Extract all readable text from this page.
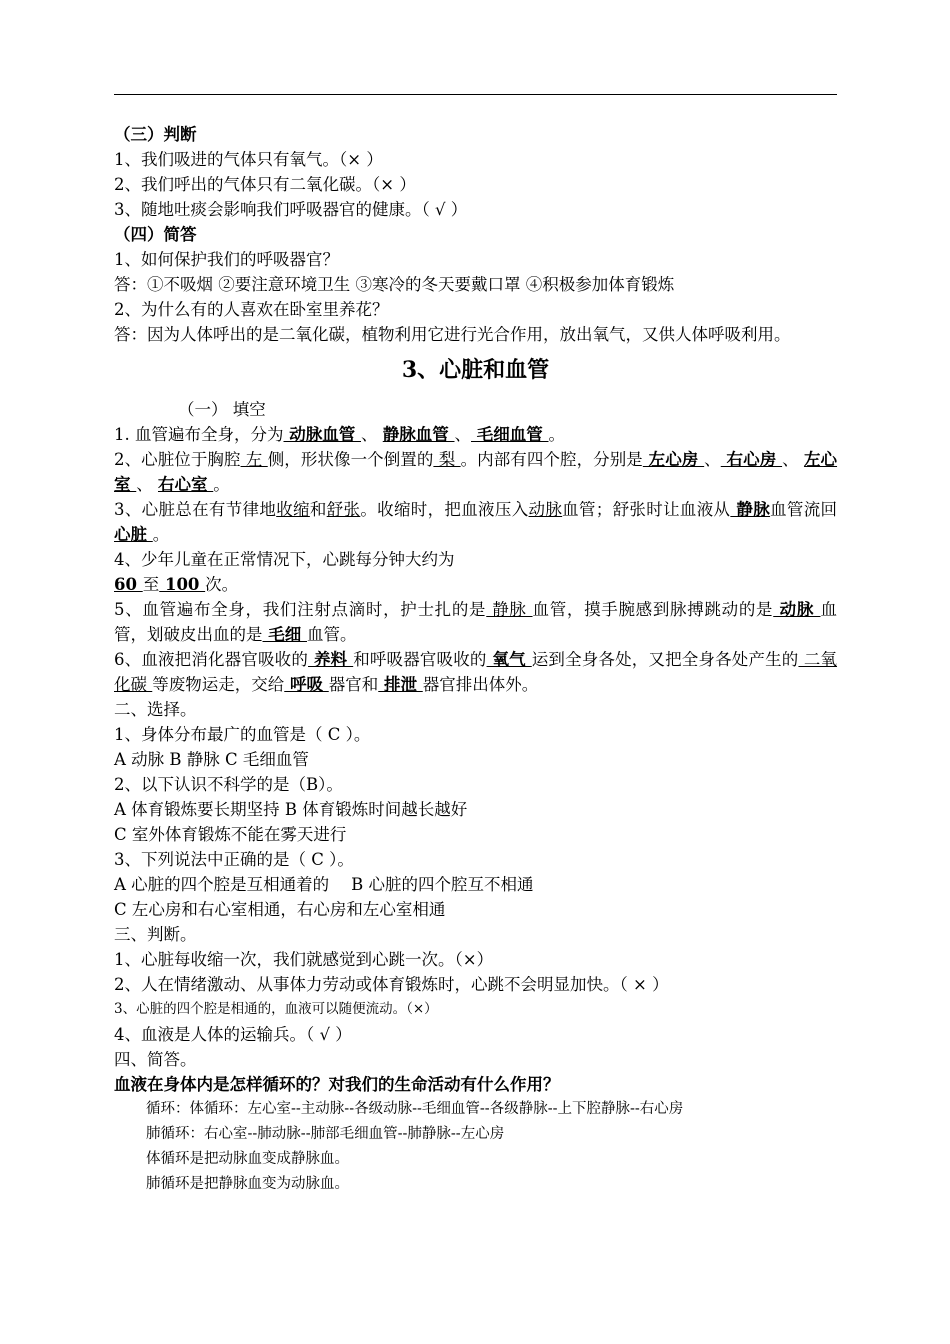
（三）判断
1、我们吸进的气体只有氧气。（× ）
2、我们呼出的气体只有二氧化碳。（× ）
3、随地吐痰会影响我们呼吸器官的健康。（ √ ）
（四）简答
1、如何保护我们的呼吸器官？
答：①不吸烟 ②要注意环境卫生 ③寒冷的冬天要戴口罩 ④积极参加体育锻炼
2、为什么有的人喜欢在卧室里养花？
答：因为人体呼出的是二氧化碳，植物利用它进行光合作用，放出氧气，又供人体呼吸利用。
3、心脏和血管
（一） 填空
1. 血管遍布全身，分为 动脉血管 、 静脉血管 、 毛细血管 。
2、心脏位于胸腔 左 侧，形状像一个倒置的 梨 。内部有四个腔，分别是 左心房 、 右心房 、 左心室 、 右心室 。
3、心脏总在有节律地收缩和舒张。收缩时，把血液压入动脉血管；舒张时让血液从 静脉血管流回 心脏 。
4、少年儿童在正常情况下，心跳每分钟大约为
60 至 100 次。
5、血管遍布全身，我们注射点滴时，护士扎的是 静脉 血管，摸手腕感到脉搏跳动的是 动脉 血管，划破皮出血的是 毛细 血管。
6、血液把消化器官吸收的 养料 和呼吸器官吸收的 氧气 运到全身各处，又把全身各处产生的 二氧化碳 等废物运走，交给 呼吸 器官和 排泄 器官排出体外。
二、选择。
1、身体分布最广的血管是（ C ）。
A 动脉 B 静脉 C 毛细血管
2、以下认识不科学的是（B）。
A 体育锻炼要长期坚持 B 体育锻炼时间越长越好
C 室外体育锻炼不能在雾天进行
3、下列说法中正确的是（ C ）。
A 心脏的四个腔是互相通着的 B 心脏的四个腔互不相通
C 左心房和右心室相通，右心房和左心室相通
三、判断。
1、心脏每收缩一次，我们就感觉到心跳一次。（×）
2、人在情绪激动、从事体力劳动或体育锻炼时，心跳不会明显加快。（ × ）
3、心脏的四个腔是相通的，血液可以随便流动。（×）
4、血液是人体的运输兵。（ √ ）
四、简答。
血液在身体内是怎样循环的？对我们的生命活动有什么作用？
循环：体循环：左心室--主动脉--各级动脉--毛细血管--各级静脉--上下腔静脉--右心房
肺循环：右心室--肺动脉--肺部毛细血管--肺静脉--左心房
体循环是把动脉血变成静脉血。
肺循环是把静脉血变为动脉血。
